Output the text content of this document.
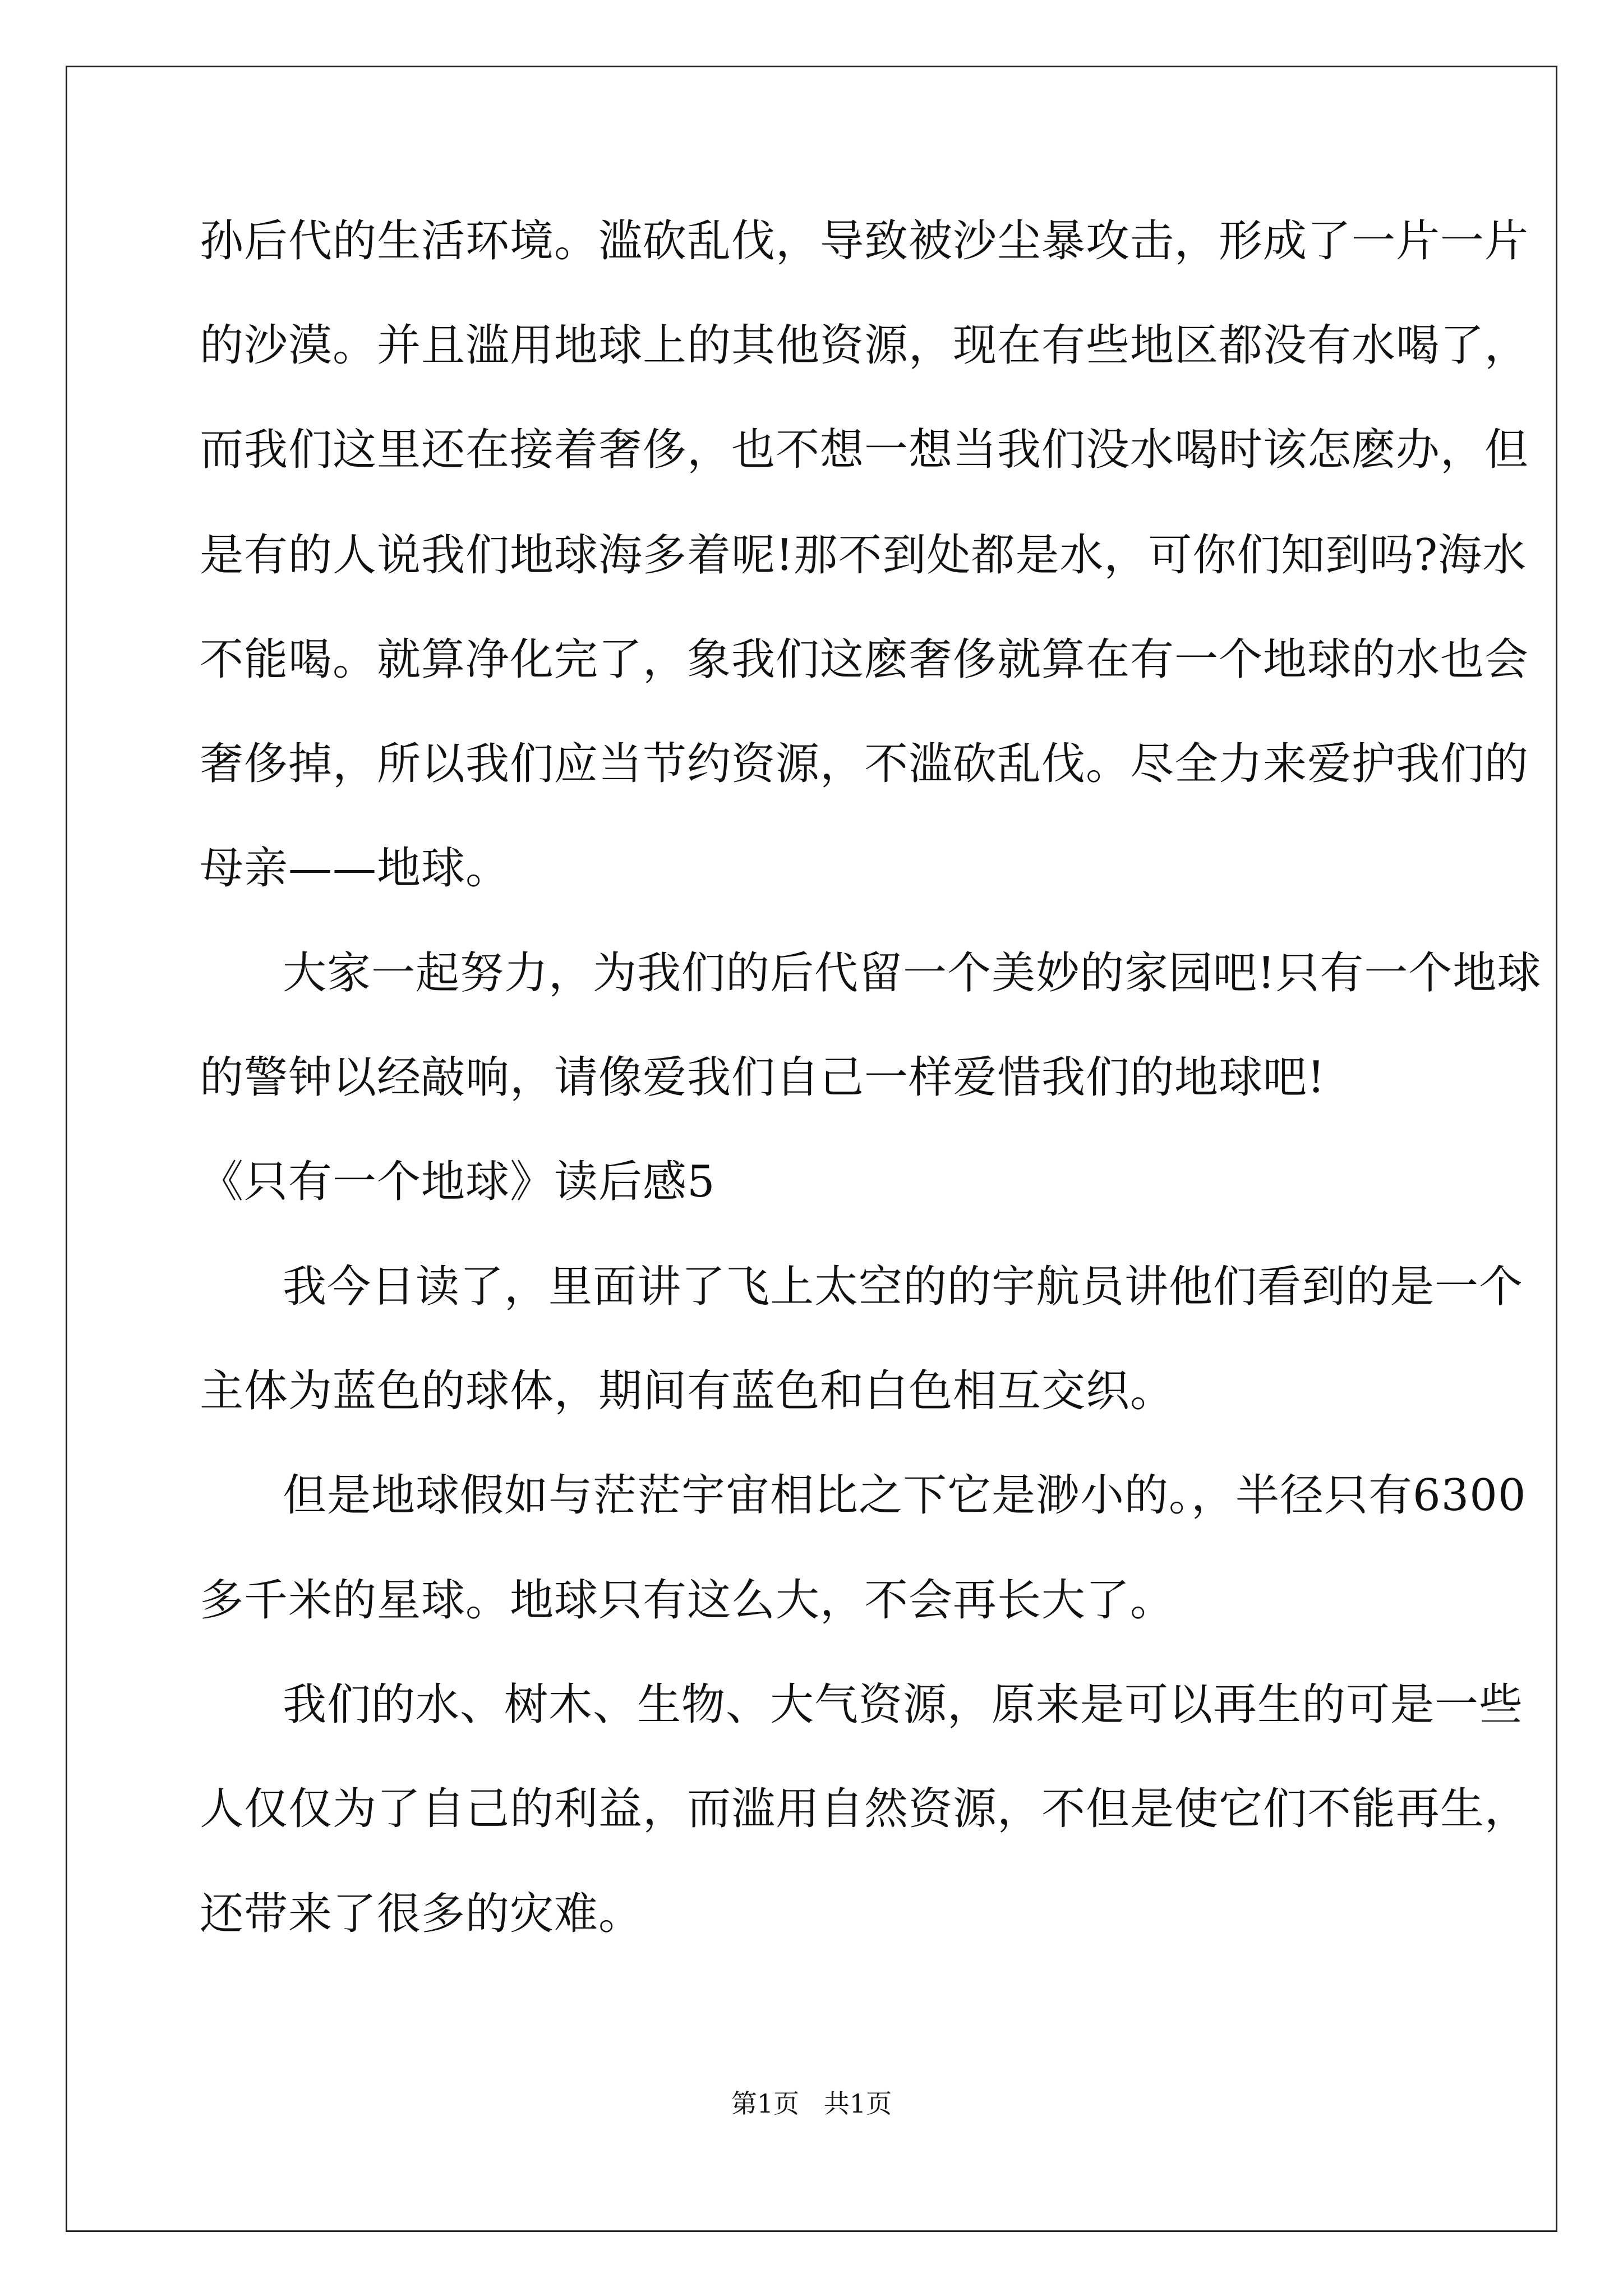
孙后代的生活环境。滥砍乱伐，导致被沙尘暴攻击，形成了一片一片
的沙漠。并且滥用地球上的其他资源，现在有些地区都没有水喝了，
而我们这里还在接着奢侈，也不想一想当我们没水喝时该怎麽办，但
是有的人说我们地球海多着呢!那不到处都是水，可你们知到吗?海水
不能喝。就算净化完了，象我们这麽奢侈就算在有一个地球的水也会
奢侈掉，所以我们应当节约资源，不滥砍乱伐。尽全力来爱护我们的
母亲——地球。
大家一起努力，为我们的后代留一个美妙的家园吧!只有一个地球
的警钟以经敲响，请像爱我们自己一样爱惜我们的地球吧!
《只有一个地球》读后感5
我今日读了，里面讲了飞上太空的的宇航员讲他们看到的是一个
主体为蓝色的球体，期间有蓝色和白色相互交织。
但是地球假如与茫茫宇宙相比之下它是渺小的。，半径只有6300
多千米的星球。地球只有这么大，不会再长大了。
我们的水、树木、生物、大气资源，原来是可以再生的可是一些
人仅仅为了自己的利益，而滥用自然资源，不但是使它们不能再生，
还带来了很多的灾难。
第1页   共1页
